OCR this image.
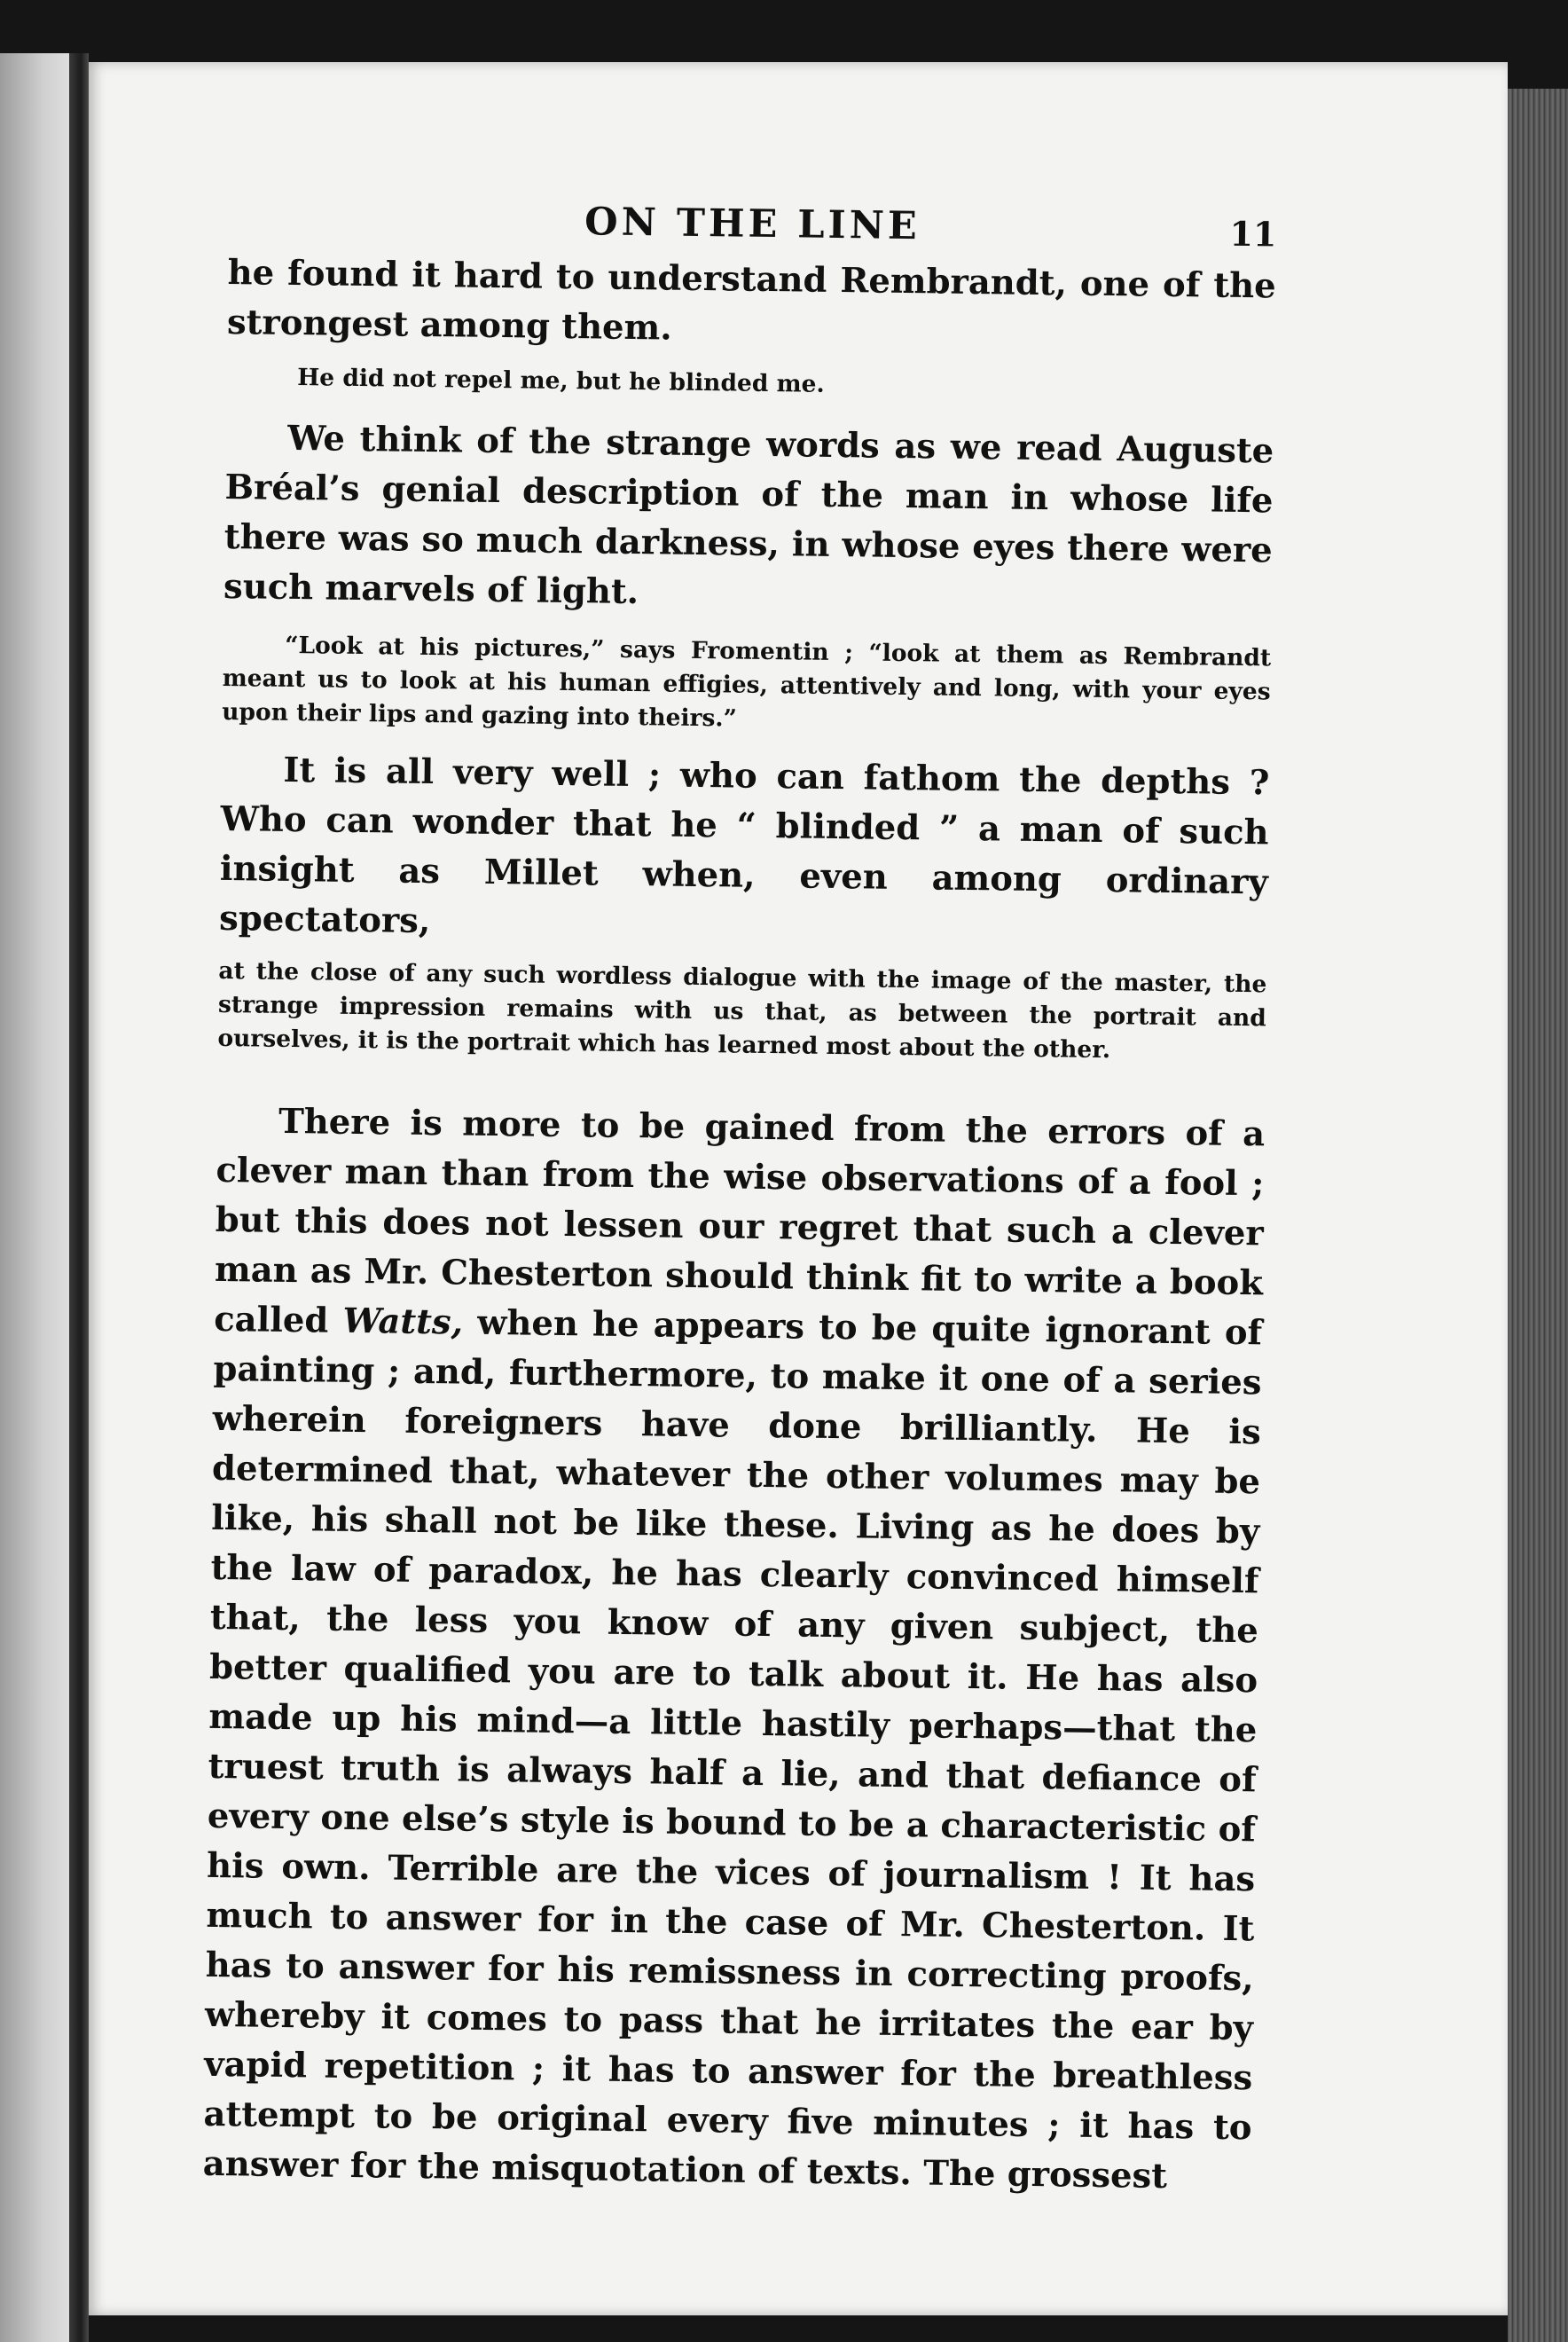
ON THE LINE	11

he found it hard to understand Rembrandt, one of the strongest among them.

He did not repel me, but he blinded me.

We think of the strange words as we read Auguste Bréal’s genial description of the man in whose life there was so much darkness, in whose eyes there were such marvels of light.

“Look at his pictures,” says Fromentin ; “look at them as Rembrandt meant us to look at his human effigies, attentively and long, with your eyes upon their lips and gazing into theirs.”

It is all very well ; who can fathom the depths ? Who can wonder that he “ blinded ” a man of such insight as Millet when, even among ordinary spectators,

at the close of any such wordless dialogue with the image of the master, the strange impression remains with us that, as between the portrait and ourselves, it is the portrait which has learned most about the other.

There is more to be gained from the errors of a clever man than from the wise observations of a fool ; but this does not lessen our regret that such a clever man as Mr. Chesterton should think fit to write a book called Watts, when he appears to be quite ignorant of painting ; and, furthermore, to make it one of a series wherein foreigners have done brilliantly. He is determined that, whatever the other volumes may be like, his shall not be like these. Living as he does by the law of paradox, he has clearly convinced himself that, the less you know of any given subject, the better qualified you are to talk about it. He has also made up his mind—a little hastily perhaps—that the truest truth is always half a lie, and that defiance of every one else’s style is bound to be a characteristic of his own. Terrible are the vices of journalism ! It has much to answer for in the case of Mr. Chesterton. It has to answer for his remissness in correcting proofs, whereby it comes to pass that he irritates the ear by vapid repetition ; it has to answer for the breathless attempt to be original every five minutes ; it has to answer for the misquotation of texts. The grossest
